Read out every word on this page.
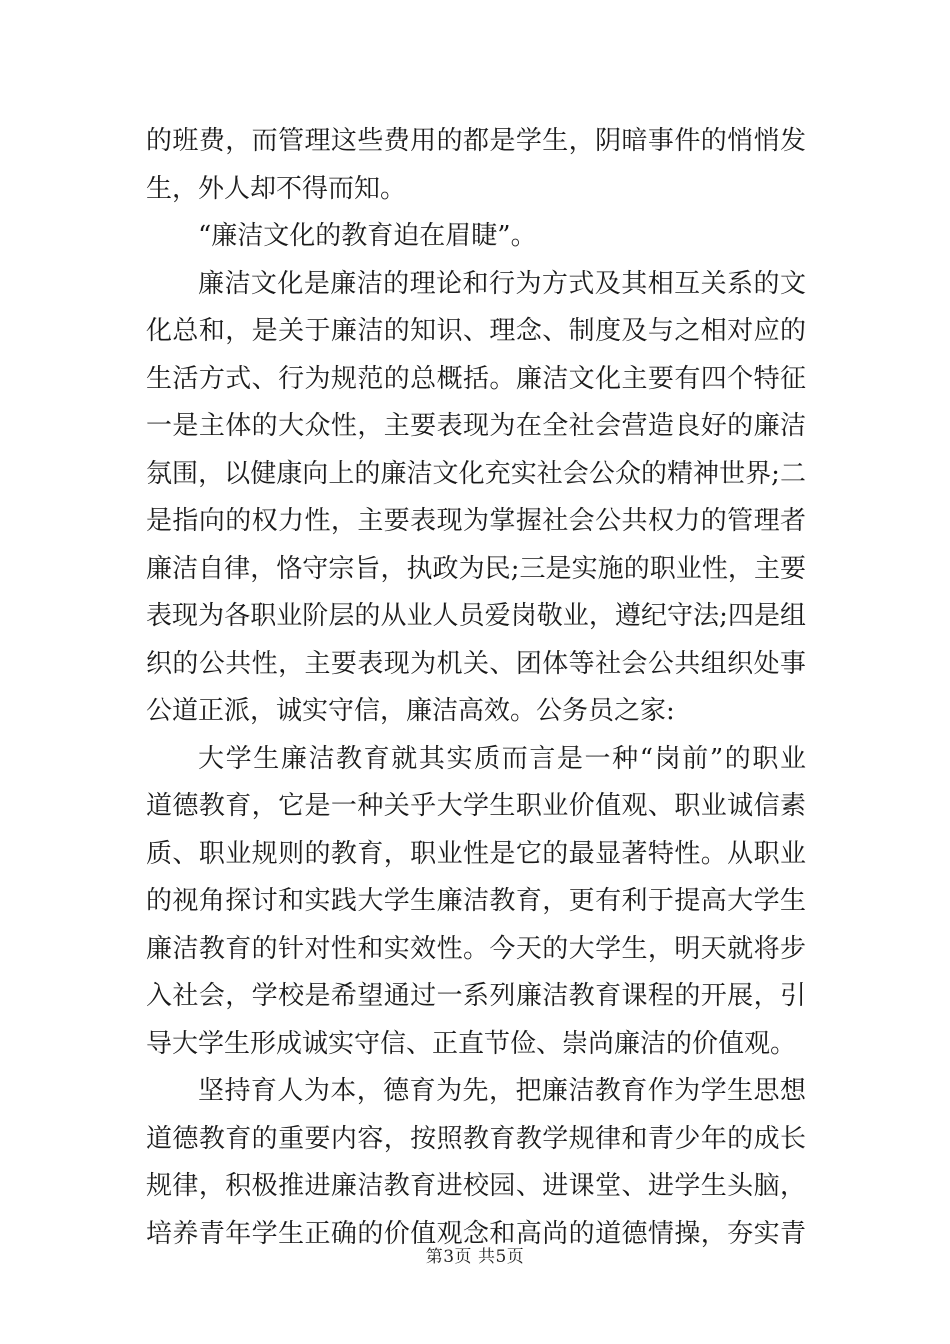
的班费，而管理这些费用的都是学生，阴暗事件的悄悄发
生，外人却不得而知。
“廉洁文化的教育迫在眉睫”。
廉洁文化是廉洁的理论和行为方式及其相互关系的文
化总和，是关于廉洁的知识、理念、制度及与之相对应的
生活方式、行为规范的总概括。廉洁文化主要有四个特征
一是主体的大众性，主要表现为在全社会营造良好的廉洁
氛围，以健康向上的廉洁文化充实社会公众的精神世界;二
是指向的权力性，主要表现为掌握社会公共权力的管理者
廉洁自律，恪守宗旨，执政为民;三是实施的职业性，主要
表现为各职业阶层的从业人员爱岗敬业，遵纪守法;四是组
织的公共性，主要表现为机关、团体等社会公共组织处事
公道正派，诚实守信，廉洁高效。公务员之家:
大学生廉洁教育就其实质而言是一种“岗前”的职业
道德教育，它是一种关乎大学生职业价值观、职业诚信素
质、职业规则的教育，职业性是它的最显著特性。从职业
的视角探讨和实践大学生廉洁教育，更有利于提高大学生
廉洁教育的针对性和实效性。今天的大学生，明天就将步
入社会，学校是希望通过一系列廉洁教育课程的开展，引
导大学生形成诚实守信、正直节俭、崇尚廉洁的价值观。
坚持育人为本，德育为先，把廉洁教育作为学生思想
道德教育的重要内容，按照教育教学规律和青少年的成长
规律，积极推进廉洁教育进校园、进课堂、进学生头脑，
培养青年学生正确的价值观念和高尚的道德情操，夯实青
第3页 共5页
